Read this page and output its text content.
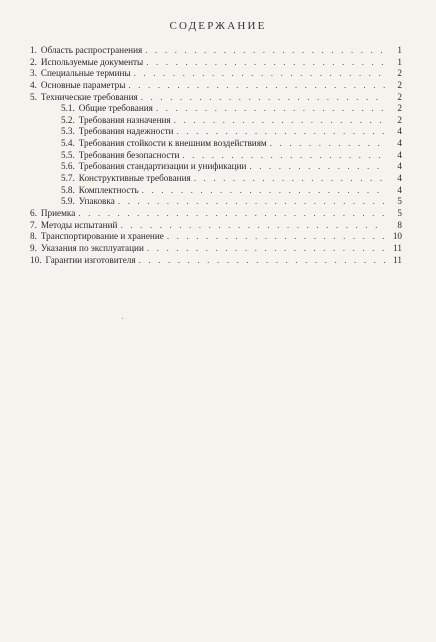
СОДЕРЖАНИЕ
1. Область распространения . . .	1
2. Используемые документы . . .	1
3. Специальные термины . . .	2
4. Основные параметры . . .	2
5. Технические требования . . .	2
5.1. Общие требования . . .	2
5.2. Требования назначения . . .	2
5.3. Требования надежности . . .	4
5.4. Требования стойкости к внешним воздействиям . . .	4
5.5. Требования безопасности . . .	4
5.6. Требования стандартизации и унификации . . .	4
5.7. Конструктивные требования . . .	4
5.8. Комплектность . . .	4
5.9. Упаковка . . .	5
6. Приемка . . .	5
7. Методы испытаний . . .	8
8. Транспортирование и хранение . . .	10
9. Указания по эксплуатации . . .	11
10. Гарантии изготовителя . . .	11
